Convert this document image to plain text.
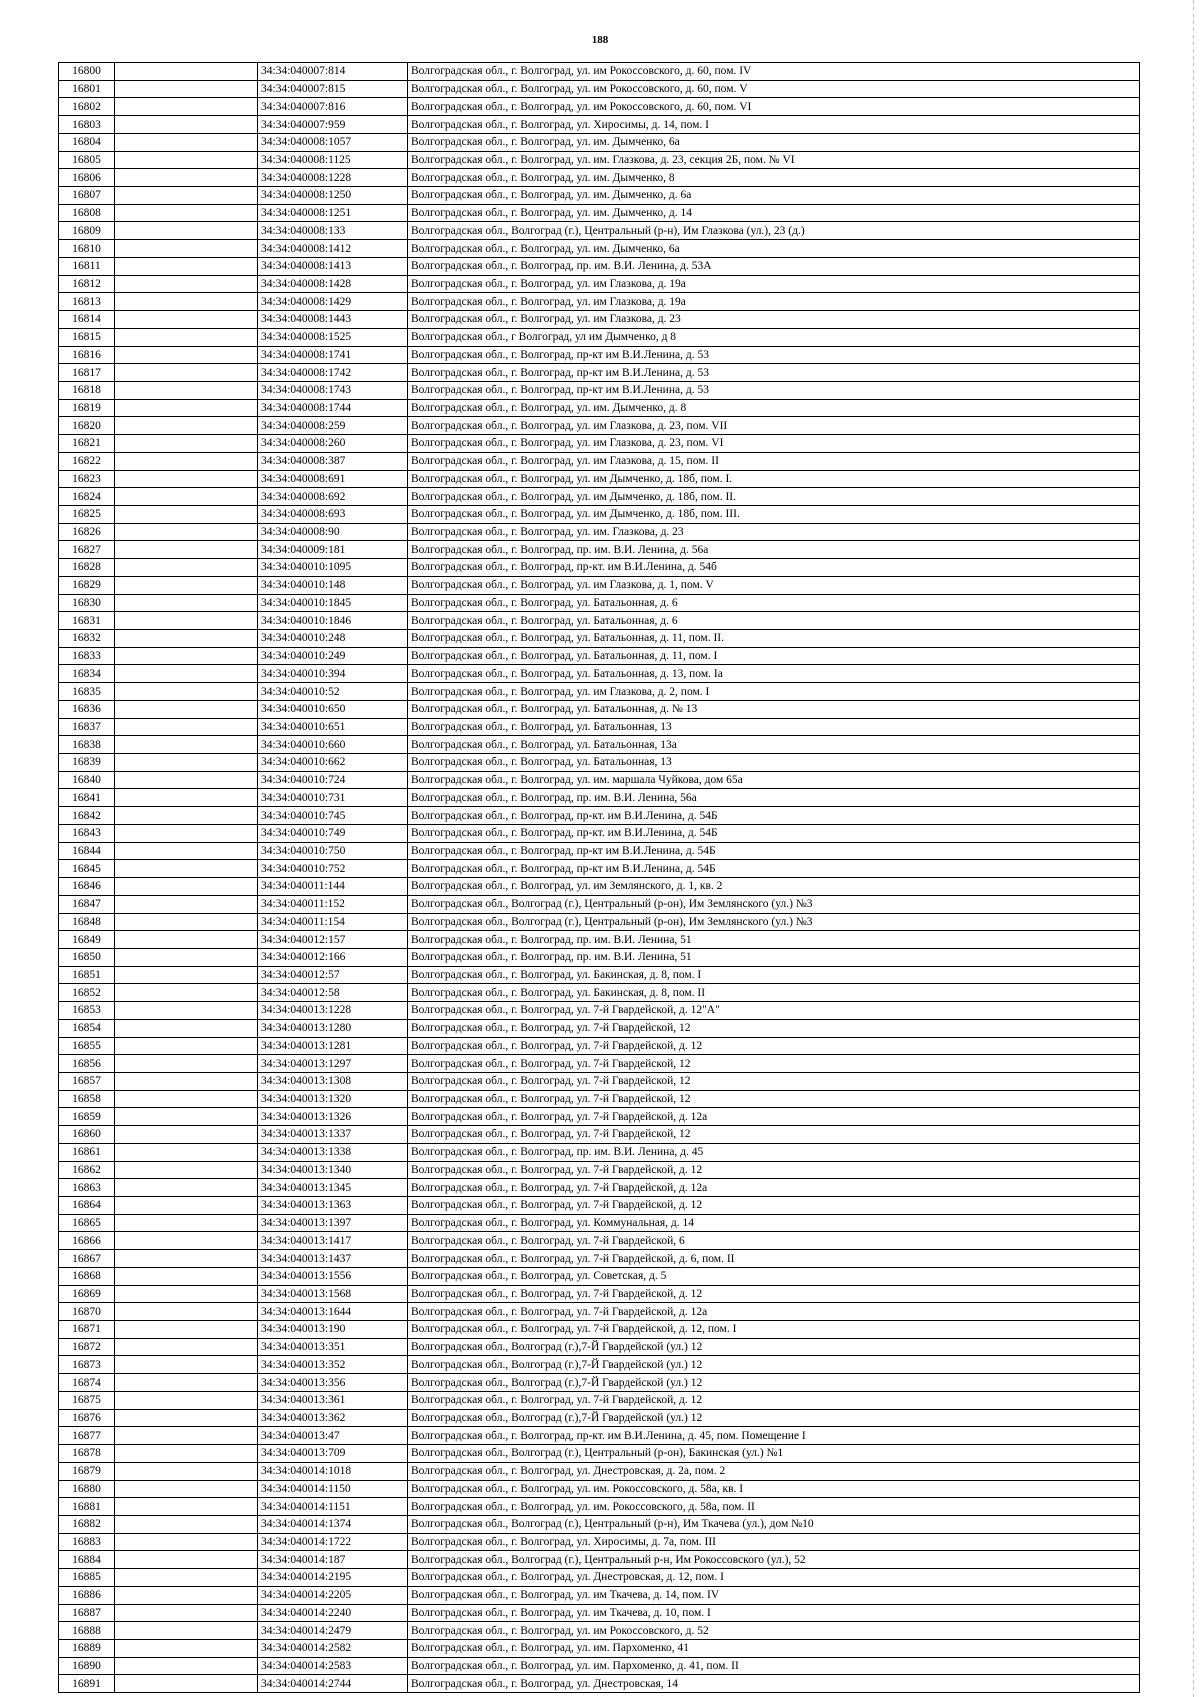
188
16800		34:34:040007:814	Волгоградская обл., г. Волгоград, ул. им Рокоссовского, д. 60, пом. IV
16801		34:34:040007:815	Волгоградская обл., г. Волгоград, ул. им Рокоссовского, д. 60, пом. V
16802		34:34:040007:816	Волгоградская обл., г. Волгоград, ул. им Рокоссовского, д. 60, пом. VI
16803		34:34:040007:959	Волгоградская обл., г. Волгоград, ул. Хиросимы, д. 14, пом. I
16804		34:34:040008:1057	Волгоградская обл., г. Волгоград, ул. им. Дымченко, 6а
16805		34:34:040008:1125	Волгоградская обл., г. Волгоград, ул. им. Глазкова, д. 23, секция 2Б, пом. № VI
16806		34:34:040008:1228	Волгоградская обл., г. Волгоград, ул. им. Дымченко, 8
16807		34:34:040008:1250	Волгоградская обл., г. Волгоград, ул. им. Дымченко, д. 6а
16808		34:34:040008:1251	Волгоградская обл., г. Волгоград, ул. им. Дымченко, д. 14
16809		34:34:040008:133	Волгоградская обл., Волгоград (г.), Центральный (р-н), Им Глазкова (ул.), 23 (д.)
16810		34:34:040008:1412	Волгоградская обл., г. Волгоград, ул. им. Дымченко, 6а
16811		34:34:040008:1413	Волгоградская обл., г. Волгоград, пр. им. В.И. Ленина, д. 53А
16812		34:34:040008:1428	Волгоградская обл., г. Волгоград, ул. им Глазкова, д. 19а
16813		34:34:040008:1429	Волгоградская обл., г. Волгоград, ул. им Глазкова, д. 19а
16814		34:34:040008:1443	Волгоградская обл., г. Волгоград, ул. им Глазкова, д. 23
16815		34:34:040008:1525	Волгоградская обл., г Волгоград, ул им Дымченко, д 8
16816		34:34:040008:1741	Волгоградская обл., г. Волгоград, пр-кт им В.И.Ленина, д. 53
16817		34:34:040008:1742	Волгоградская обл., г. Волгоград, пр-кт им В.И.Ленина, д. 53
16818		34:34:040008:1743	Волгоградская обл., г. Волгоград, пр-кт им В.И.Ленина, д. 53
16819		34:34:040008:1744	Волгоградская обл., г. Волгоград, ул. им. Дымченко, д. 8
16820		34:34:040008:259	Волгоградская обл., г. Волгоград, ул. им Глазкова, д. 23, пом. VII
16821		34:34:040008:260	Волгоградская обл., г. Волгоград, ул. им Глазкова, д. 23, пом. VI
16822		34:34:040008:387	Волгоградская обл., г. Волгоград, ул. им Глазкова, д. 15, пом. II
16823		34:34:040008:691	Волгоградская обл., г. Волгоград, ул. им Дымченко, д. 18б, пом. I.
16824		34:34:040008:692	Волгоградская обл., г. Волгоград, ул. им Дымченко, д. 18б, пом. II.
16825		34:34:040008:693	Волгоградская обл., г. Волгоград, ул. им Дымченко, д. 18б, пом. III.
16826		34:34:040008:90	Волгоградская обл., г. Волгоград, ул. им. Глазкова, д. 23
16827		34:34:040009:181	Волгоградская обл., г. Волгоград, пр. им. В.И. Ленина, д. 56а
16828		34:34:040010:1095	Волгоградская обл., г. Волгоград, пр-кт. им В.И.Ленина, д. 54б
16829		34:34:040010:148	Волгоградская обл., г. Волгоград, ул. им Глазкова, д. 1, пом. V
16830		34:34:040010:1845	Волгоградская обл., г. Волгоград, ул. Батальонная, д. 6
16831		34:34:040010:1846	Волгоградская обл., г. Волгоград, ул. Батальонная, д. 6
16832		34:34:040010:248	Волгоградская обл., г. Волгоград, ул. Батальонная, д. 11, пом. II.
16833		34:34:040010:249	Волгоградская обл., г. Волгоград, ул. Батальонная, д. 11, пом. I
16834		34:34:040010:394	Волгоградская обл., г. Волгоград, ул. Батальонная, д. 13, пом. Iа
16835		34:34:040010:52	Волгоградская обл., г. Волгоград, ул. им Глазкова, д. 2, пом. I
16836		34:34:040010:650	Волгоградская обл., г. Волгоград, ул. Батальонная, д. № 13
16837		34:34:040010:651	Волгоградская обл., г. Волгоград, ул. Батальонная, 13
16838		34:34:040010:660	Волгоградская обл., г. Волгоград, ул. Батальонная, 13а
16839		34:34:040010:662	Волгоградская обл., г. Волгоград, ул. Батальонная, 13
16840		34:34:040010:724	Волгоградская обл., г. Волгоград, ул. им. маршала Чуйкова, дом 65а
16841		34:34:040010:731	Волгоградская обл., г. Волгоград, пр. им. В.И. Ленина, 56а
16842		34:34:040010:745	Волгоградская обл., г. Волгоград, пр-кт. им В.И.Ленина, д. 54Б
16843		34:34:040010:749	Волгоградская обл., г. Волгоград, пр-кт. им В.И.Ленина, д. 54Б
16844		34:34:040010:750	Волгоградская обл., г. Волгоград, пр-кт им В.И.Ленина, д. 54Б
16845		34:34:040010:752	Волгоградская обл., г. Волгоград, пр-кт им В.И.Ленина, д. 54Б
16846		34:34:040011:144	Волгоградская обл., г. Волгоград, ул. им Землянского, д. 1, кв. 2
16847		34:34:040011:152	Волгоградская обл., Волгоград (г.), Центральный (р-он), Им Землянского (ул.) №3
16848		34:34:040011:154	Волгоградская обл., Волгоград (г.), Центральный (р-он), Им Землянского (ул.) №3
16849		34:34:040012:157	Волгоградская обл., г. Волгоград, пр. им. В.И. Ленина, 51
16850		34:34:040012:166	Волгоградская обл., г. Волгоград, пр. им. В.И. Ленина, 51
16851		34:34:040012:57	Волгоградская обл., г. Волгоград, ул. Бакинская, д. 8, пом. I
16852		34:34:040012:58	Волгоградская обл., г. Волгоград, ул. Бакинская, д. 8, пом. II
16853		34:34:040013:1228	Волгоградская обл., г. Волгоград, ул. 7-й Гвардейской, д. 12"А"
16854		34:34:040013:1280	Волгоградская обл., г. Волгоград, ул. 7-й Гвардейской, 12
16855		34:34:040013:1281	Волгоградская обл., г. Волгоград, ул. 7-й Гвардейской, д. 12
16856		34:34:040013:1297	Волгоградская обл., г. Волгоград, ул. 7-й Гвардейской, 12
16857		34:34:040013:1308	Волгоградская обл., г. Волгоград, ул. 7-й Гвардейской, 12
16858		34:34:040013:1320	Волгоградская обл., г. Волгоград, ул. 7-й Гвардейской, 12
16859		34:34:040013:1326	Волгоградская обл., г. Волгоград, ул. 7-й Гвардейской, д. 12а
16860		34:34:040013:1337	Волгоградская обл., г. Волгоград, ул. 7-й Гвардейской, 12
16861		34:34:040013:1338	Волгоградская обл., г. Волгоград, пр. им. В.И. Ленина, д. 45
16862		34:34:040013:1340	Волгоградская обл., г. Волгоград, ул. 7-й Гвардейской, д. 12
16863		34:34:040013:1345	Волгоградская обл., г. Волгоград, ул. 7-й Гвардейской, д. 12а
16864		34:34:040013:1363	Волгоградская обл., г. Волгоград, ул. 7-й Гвардейской, д. 12
16865		34:34:040013:1397	Волгоградская обл., г. Волгоград, ул. Коммунальная, д. 14
16866		34:34:040013:1417	Волгоградская обл., г. Волгоград, ул. 7-й Гвардейской, 6
16867		34:34:040013:1437	Волгоградская обл., г. Волгоград, ул. 7-й Гвардейской, д. 6, пом. II
16868		34:34:040013:1556	Волгоградская обл., г. Волгоград, ул. Советская, д. 5
16869		34:34:040013:1568	Волгоградская обл., г. Волгоград, ул. 7-й Гвардейской, д. 12
16870		34:34:040013:1644	Волгоградская обл., г. Волгоград, ул. 7-й Гвардейской, д. 12а
16871		34:34:040013:190	Волгоградская обл., г. Волгоград, ул. 7-й Гвардейской, д. 12, пом. I
16872		34:34:040013:351	Волгоградская обл., Волгоград (г.),7-Й Гвардейской (ул.) 12
16873		34:34:040013:352	Волгоградская обл., Волгоград (г.),7-Й Гвардейской (ул.) 12
16874		34:34:040013:356	Волгоградская обл., Волгоград (г.),7-Й Гвардейской (ул.) 12
16875		34:34:040013:361	Волгоградская обл., г. Волгоград, ул. 7-й Гвардейской, д. 12
16876		34:34:040013:362	Волгоградская обл., Волгоград (г.),7-Й Гвардейской (ул.) 12
16877		34:34:040013:47	Волгоградская обл., г. Волгоград, пр-кт. им В.И.Ленина, д. 45, пом. Помещение I
16878		34:34:040013:709	Волгоградская обл., Волгоград (г.), Центральный (р-он), Бакинская (ул.) №1
16879		34:34:040014:1018	Волгоградская обл., г. Волгоград, ул. Днестровская, д. 2а, пом. 2
16880		34:34:040014:1150	Волгоградская обл., г. Волгоград, ул. им. Рокоссовского, д. 58а, кв. I
16881		34:34:040014:1151	Волгоградская обл., г. Волгоград, ул. им. Рокоссовского, д. 58а, пом. II
16882		34:34:040014:1374	Волгоградская обл., Волгоград (г.), Центральный (р-н), Им Ткачева (ул.), дом №10
16883		34:34:040014:1722	Волгоградская обл., г. Волгоград, ул. Хиросимы, д. 7а, пом. III
16884		34:34:040014:187	Волгоградская обл., Волгоград (г.), Центральный р-н, Им Рокоссовского (ул.), 52
16885		34:34:040014:2195	Волгоградская обл., г. Волгоград, ул. Днестровская, д. 12, пом. I
16886		34:34:040014:2205	Волгоградская обл., г. Волгоград, ул. им Ткачева, д. 14, пом. IV
16887		34:34:040014:2240	Волгоградская обл., г. Волгоград, ул. им Ткачева, д. 10, пом. I
16888		34:34:040014:2479	Волгоградская обл., г. Волгоград, ул. им Рокоссовского, д. 52
16889		34:34:040014:2582	Волгоградская обл., г. Волгоград, ул. им. Пархоменко, 41
16890		34:34:040014:2583	Волгоградская обл., г. Волгоград, ул. им. Пархоменко, д. 41, пом. II
16891		34:34:040014:2744	Волгоградская обл., г. Волгоград, ул. Днестровская, 14
